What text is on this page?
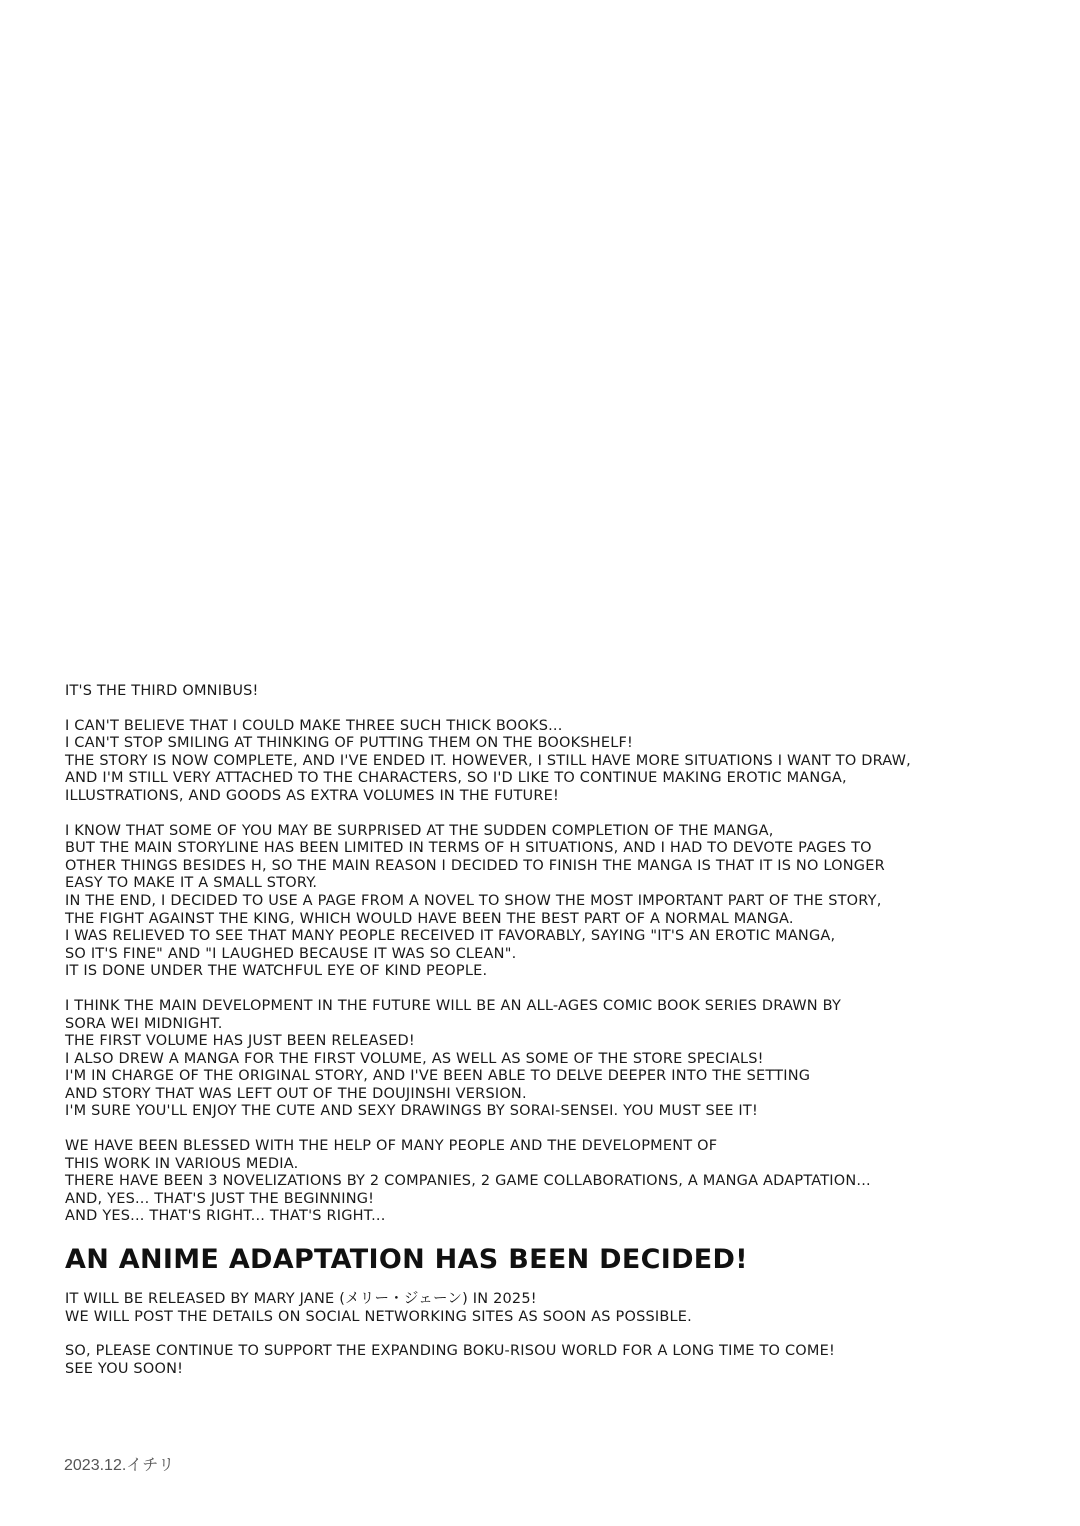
IT'S THE THIRD OMNIBUS!
I CAN'T BELIEVE THAT I COULD MAKE THREE SUCH THICK BOOKS...
I CAN'T STOP SMILING AT THINKING OF PUTTING THEM ON THE BOOKSHELF!
THE STORY IS NOW COMPLETE, AND I'VE ENDED IT. HOWEVER, I STILL HAVE MORE SITUATIONS I WANT TO DRAW,
AND I'M STILL VERY ATTACHED TO THE CHARACTERS, SO I'D LIKE TO CONTINUE MAKING EROTIC MANGA,
ILLUSTRATIONS, AND GOODS AS EXTRA VOLUMES IN THE FUTURE!
I KNOW THAT SOME OF YOU MAY BE SURPRISED AT THE SUDDEN COMPLETION OF THE MANGA,
BUT THE MAIN STORYLINE HAS BEEN LIMITED IN TERMS OF H SITUATIONS, AND I HAD TO DEVOTE PAGES TO
OTHER THINGS BESIDES H, SO THE MAIN REASON I DECIDED TO FINISH THE MANGA IS THAT IT IS NO LONGER
EASY TO MAKE IT A SMALL STORY.
IN THE END, I DECIDED TO USE A PAGE FROM A NOVEL TO SHOW THE MOST IMPORTANT PART OF THE STORY,
THE FIGHT AGAINST THE KING, WHICH WOULD HAVE BEEN THE BEST PART OF A NORMAL MANGA.
I WAS RELIEVED TO SEE THAT MANY PEOPLE RECEIVED IT FAVORABLY, SAYING "IT'S AN EROTIC MANGA,
SO IT'S FINE" AND "I LAUGHED BECAUSE IT WAS SO CLEAN".
IT IS DONE UNDER THE WATCHFUL EYE OF KIND PEOPLE.
I THINK THE MAIN DEVELOPMENT IN THE FUTURE WILL BE AN ALL-AGES COMIC BOOK SERIES DRAWN BY
SORA WEI MIDNIGHT.
THE FIRST VOLUME HAS JUST BEEN RELEASED!
I ALSO DREW A MANGA FOR THE FIRST VOLUME, AS WELL AS SOME OF THE STORE SPECIALS!
I'M IN CHARGE OF THE ORIGINAL STORY, AND I'VE BEEN ABLE TO DELVE DEEPER INTO THE SETTING
AND STORY THAT WAS LEFT OUT OF THE DOUJINSHI VERSION.
I'M SURE YOU'LL ENJOY THE CUTE AND SEXY DRAWINGS BY SORAI-SENSEI. YOU MUST SEE IT!
WE HAVE BEEN BLESSED WITH THE HELP OF MANY PEOPLE AND THE DEVELOPMENT OF
THIS WORK IN VARIOUS MEDIA.
THERE HAVE BEEN 3 NOVELIZATIONS BY 2 COMPANIES, 2 GAME COLLABORATIONS, A MANGA ADAPTATION...
AND, YES... THAT'S JUST THE BEGINNING!
AND YES... THAT'S RIGHT... THAT'S RIGHT...
AN ANIME ADAPTATION HAS BEEN DECIDED!
IT WILL BE RELEASED BY MARY JANE (メリー・ジェーン) IN 2025!
WE WILL POST THE DETAILS ON SOCIAL NETWORKING SITES AS SOON AS POSSIBLE.
SO, PLEASE CONTINUE TO SUPPORT THE EXPANDING BOKU-RISOU WORLD FOR A LONG TIME TO COME!
SEE YOU SOON!
2023.12.イチリ
